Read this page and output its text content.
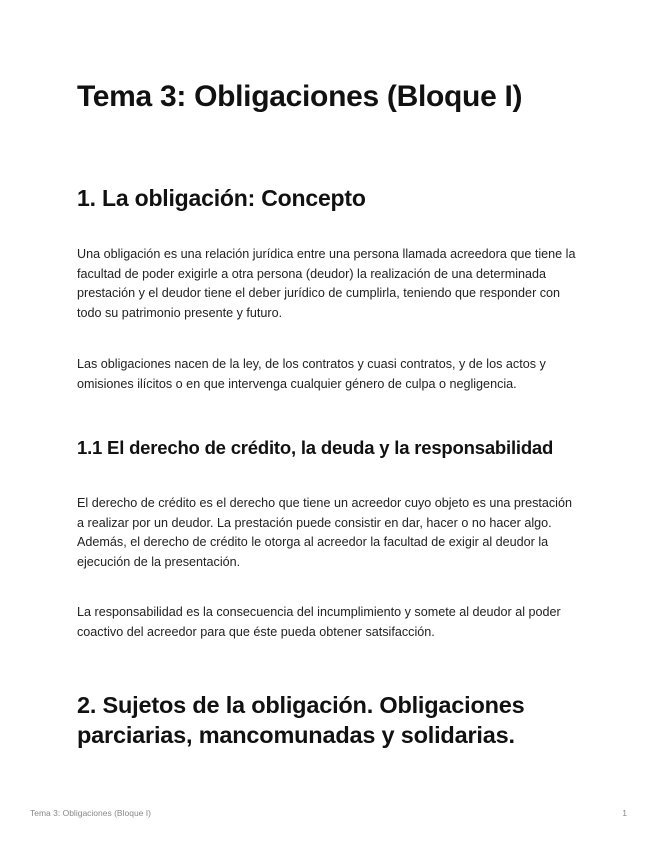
Tema 3: Obligaciones (Bloque I)
1. La obligación: Concepto

Una obligación es una relación jurídica entre una persona llamada acreedora que tiene la facultad de poder exigirle a otra persona (deudor) la realización de una determinada prestación y el deudor tiene el deber jurídico de cumplirla, teniendo que responder con todo su patrimonio presente y futuro.

Las obligaciones nacen de la ley, de los contratos y cuasi contratos, y de los actos y omisiones ilícitos o en que intervenga cualquier género de culpa o negligencia.

1.1 El derecho de crédito, la deuda y la responsabilidad

El derecho de crédito es el derecho que tiene un acreedor cuyo objeto es una prestación a realizar por un deudor. La prestación puede consistir en dar, hacer o no hacer algo. Además, el derecho de crédito le otorga al acreedor la facultad de exigir al deudor la ejecución de la presentación.

La responsabilidad es la consecuencia del incumplimiento y somete al deudor al poder coactivo del acreedor para que éste pueda obtener satsifacción.

2. Sujetos de la obligación. Obligaciones parciarias, mancomunadas y solidarias.
Tema 3: Obligaciones (Bloque I)	1
